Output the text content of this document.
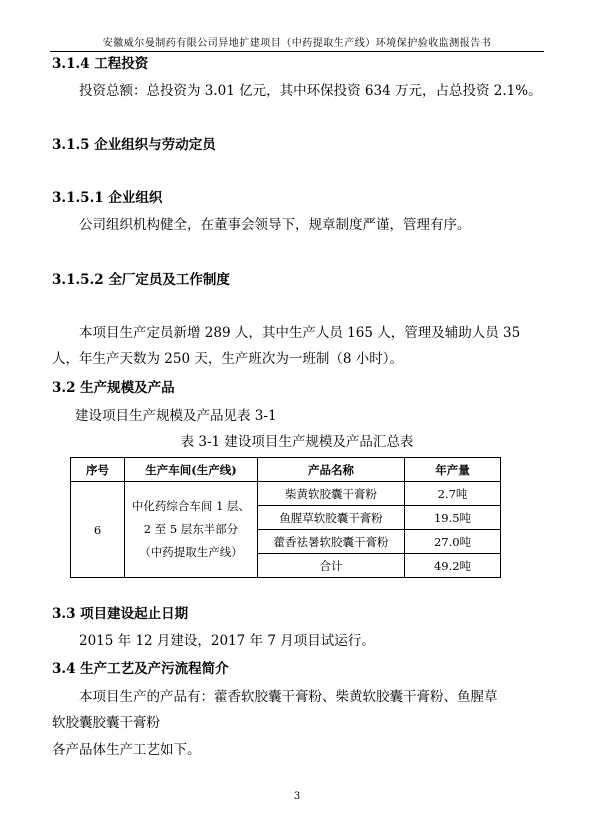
安徽威尔曼制药有限公司异地扩建项目（中药提取生产线）环境保护验收监测报告书
3.1.4 工程投资
投资总额：总投资为 3.01 亿元，其中环保投资 634 万元，占总投资 2.1%。
3.1.5 企业组织与劳动定员
3.1.5.1 企业组织
公司组织机构健全，在董事会领导下，规章制度严谨，管理有序。
3.1.5.2 全厂定员及工作制度
本项目生产定员新增 289 人，其中生产人员 165 人，管理及辅助人员 35
人，年生产天数为 250 天，生产班次为一班制（8 小时）。
3.2 生产规模及产品
建设项目生产规模及产品见表 3-1
表 3-1 建设项目生产规模及产品汇总表
序号	生产车间(生产线)	产品名称	年产量
6	中化药综合车间 1 层、
2 至 5 层东半部分
（中药提取生产线）	柴黄软胶囊干膏粉	2.7吨
		鱼腥草软胶囊干膏粉	19.5吨
		藿香祛暑软胶囊干膏粉	27.0吨
		合计	49.2吨
3.3 项目建设起止日期
2015 年 12 月建设，2017 年 7 月项目试运行。
3.4 生产工艺及产污流程简介
本项目生产的产品有：藿香软胶囊干膏粉、柴黄软胶囊干膏粉、鱼腥草
软胶囊胶囊干膏粉
各产品体生产工艺如下。
3
